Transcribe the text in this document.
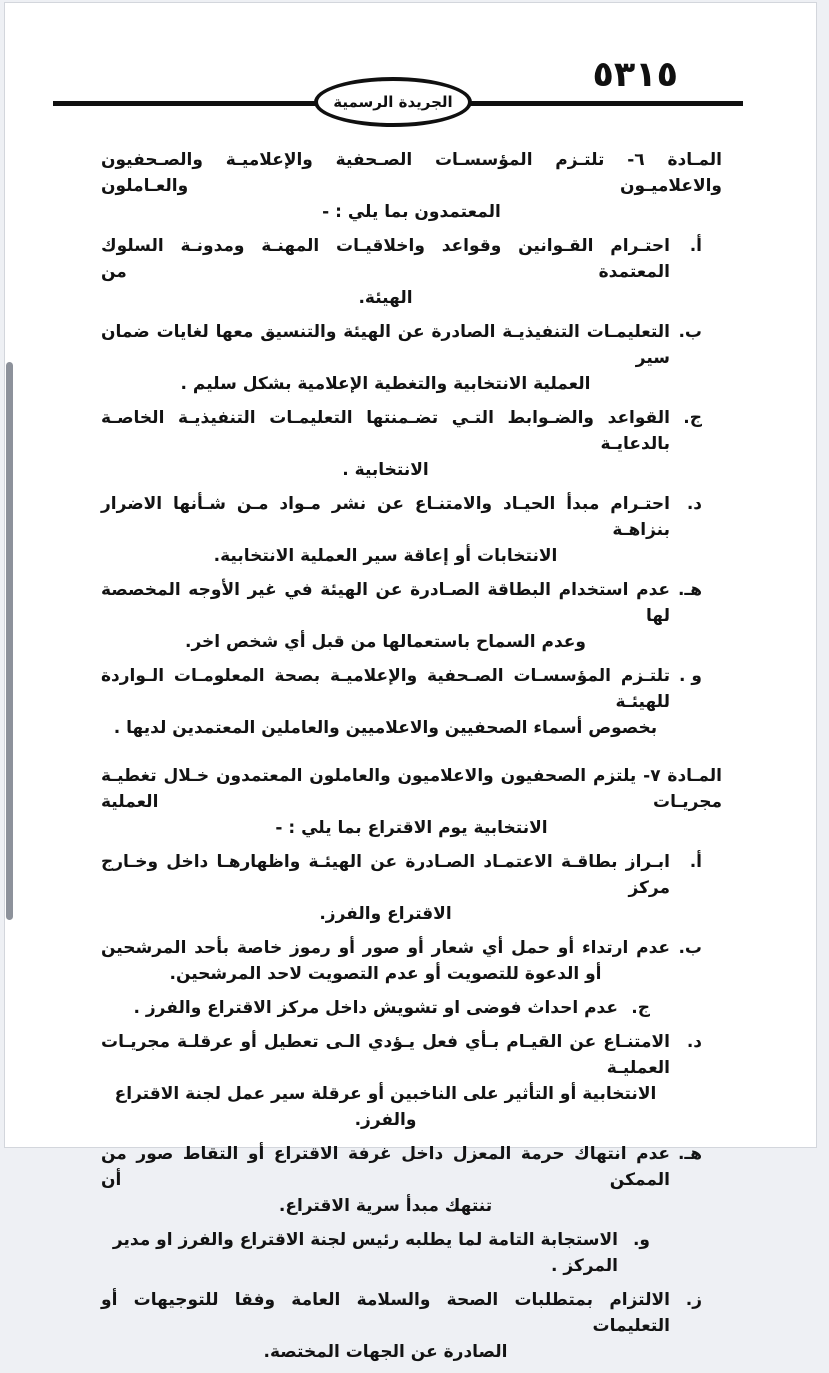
٥٣١٥
الجريدة الرسمية
المـادة ٦- تلتـزم المؤسسـات الصـحفية والإعلاميـة والصـحفيون والاعلاميـون والعـاملون
المعتمدون بما يلي : -
أ.
احتـرام القـوانين وقواعد واخلاقيـات المهنـة ومدونـة السلوك المعتمدة من
الهيئة.
ب.
التعليمـات التنفيذيـة الصادرة عن الهيئة والتنسيق معها لغايات ضمان سير
العملية الانتخابية والتغطية الإعلامية بشكل سليم .
ج.
القواعد والضـوابط التـي تضـمنتها التعليمـات التنفيذيـة الخاصـة بالدعايـة
الانتخابية .
د.
احتـرام مبدأ الحيـاد والامتنـاع عن نشر مـواد مـن شـأنها الاضرار بنزاهـة
الانتخابات أو إعاقة سير العملية الانتخابية.
هـ.
عدم استخدام البطاقة الصـادرة عن الهيئة في غير الأوجه المخصصة لها
وعدم السماح باستعمالها من قبل أي شخص اخر.
و .
تلتـزم المؤسسـات الصـحفية والإعلاميـة بصحة المعلومـات الـواردة للهيئـة
بخصوص أسماء الصحفيين والاعلاميين والعاملين المعتمدين لديها .
المـادة ٧- يلتزم الصحفيون والاعلاميون والعاملون المعتمدون خـلال تغطيـة مجريـات العملية
الانتخابية يوم الاقتراع بما يلي : -
أ.
ابـراز بطاقـة الاعتمـاد الصـادرة عن الهيئـة واظهارهـا داخل وخـارج مركز
الاقتراع والفرز.
ب.
عدم ارتداء أو حمل أي شعار أو صور أو رموز خاصة بأحد المرشحين
أو الدعوة للتصويت أو عدم التصويت لاحد المرشحين.
ج.
عدم احداث فوضى او تشويش داخل مركز الاقتراع والفرز .
د.
الامتنـاع عن القيـام بـأي فعل يـؤدي الـى تعطيل أو عرقلـة مجريـات العمليـة
الانتخابية أو التأثير على الناخبين أو عرقلة سير عمل لجنة الاقتراع والفرز.
هـ.
عدم انتهاك حرمة المعزل داخل غرفة الاقتراع أو التقاط صور من الممكن أن
تنتهك مبدأ سرية الاقتراع.
و.
الاستجابة التامة لما يطلبه رئيس لجنة الاقتراع والفرز او مدير المركز .
ز.
الالتزام بمتطلبات الصحة والسلامة العامة وفقا للتوجيهات أو التعليمات
الصادرة عن الجهات المختصة.
